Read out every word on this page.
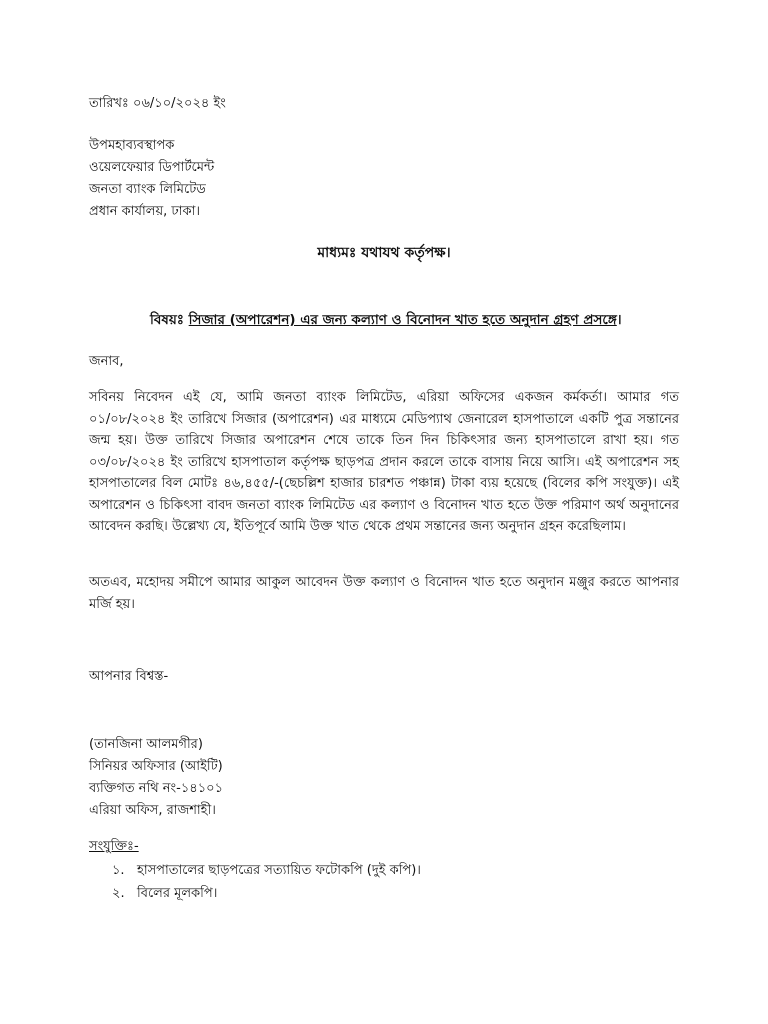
তারিখঃ ০৬/১০/২০২৪ ইং
উপমহাব্যবস্থাপক
ওয়েলফেয়ার ডিপার্টমেন্ট
জনতা ব্যাংক লিমিটেড
প্রধান কার্যালয়, ঢাকা।
মাধ্যমঃ যথাযথ কর্তৃপক্ষ।
বিষয়ঃ সিজার (অপারেশন) এর জন্য কল্যাণ ও বিনোদন খাত হতে অনুদান গ্রহণ প্রসঙ্গে।
জনাব,
সবিনয় নিবেদন এই যে, আমি জনতা ব্যাংক লিমিটেড, এরিয়া অফিসের একজন কর্মকর্তা। আমার গত ০১/০৮/২০২৪ ইং তারিখে সিজার (অপারেশন) এর মাধ্যমে মেডিপ্যাথ জেনারেল হাসপাতালে একটি পুত্র সন্তানের জন্ম হয়। উক্ত তারিখে সিজার অপারেশন শেষে তাকে তিন দিন চিকিৎসার জন্য হাসপাতালে রাখা হয়। গত ০৩/০৮/২০২৪ ইং তারিখে হাসপাতাল কর্তৃপক্ষ ছাড়পত্র প্রদান করলে তাকে বাসায় নিয়ে আসি। এই অপারেশন সহ হাসপাতালের বিল মোটঃ ৪৬,৪৫৫/-(ছেচল্লিশ হাজার চারশত পঞ্চান্ন) টাকা ব্যয় হয়েছে (বিলের কপি সংযুক্ত)। এই অপারেশন ও চিকিৎসা বাবদ জনতা ব্যাংক লিমিটেড এর কল্যাণ ও বিনোদন খাত হতে উক্ত পরিমাণ অর্থ অনুদানের আবেদন করছি। উল্লেখ্য যে, ইতিপূর্বে আমি উক্ত খাত থেকে প্রথম সন্তানের জন্য অনুদান গ্রহন করেছিলাম।
অতএব, মহোদয় সমীপে আমার আকুল আবেদন উক্ত কল্যাণ ও বিনোদন খাত হতে অনুদান মঞ্জুর করতে আপনার মর্জি হয়।
আপনার বিশ্বস্ত-
(তানজিনা আলমগীর)
সিনিয়র অফিসার (আইটি)
ব্যক্তিগত নথি নং-১৪১০১
এরিয়া অফিস, রাজশাহী।
সংযুক্তিঃ-
১. হাসপাতালের ছাড়পত্রের সত্যায়িত ফটোকপি (দুই কপি)।
২. বিলের মূলকপি।
